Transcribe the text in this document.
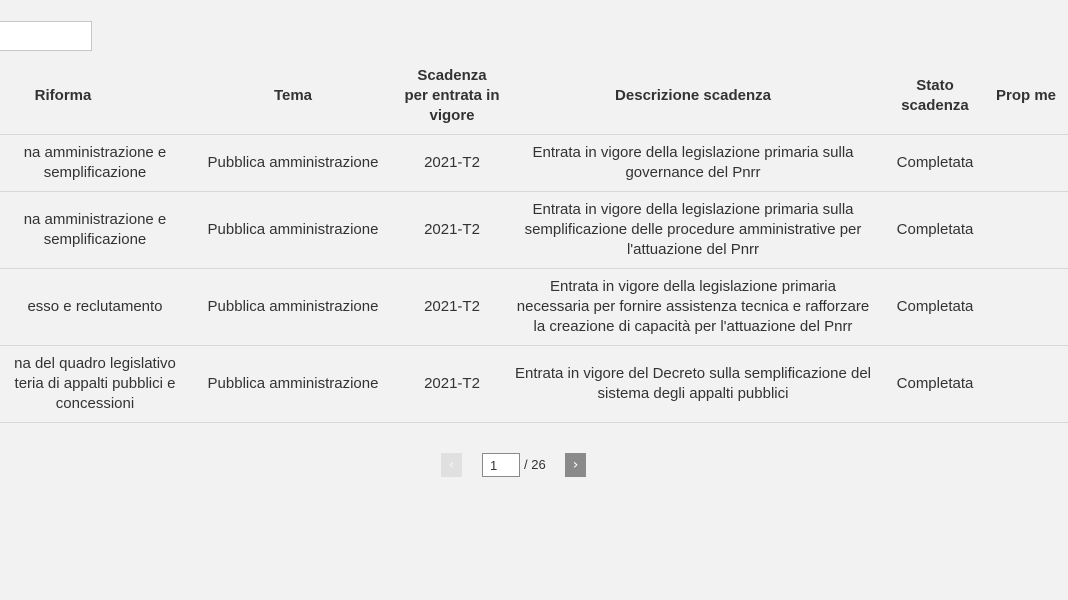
Riforma	Tema	Scadenza per entrata in vigore	Descrizione scadenza	Stato scadenza	Prop me
na amministrazione e semplificazione	Pubblica amministrazione	2021-T2	Entrata in vigore della legislazione primaria sulla governance del Pnrr	Completata	
na amministrazione e semplificazione	Pubblica amministrazione	2021-T2	Entrata in vigore della legislazione primaria sulla semplificazione delle procedure amministrative per l'attuazione del Pnrr	Completata	
esso e reclutamento	Pubblica amministrazione	2021-T2	Entrata in vigore della legislazione primaria necessaria per fornire assistenza tecnica e rafforzare la creazione di capacità per l'attuazione del Pnrr	Completata	
na del quadro legislativo teria di appalti pubblici e concessioni	Pubblica amministrazione	2021-T2	Entrata in vigore del Decreto sulla semplificazione del sistema degli appalti pubblici	Completata	
‹
1	/ 26	›
